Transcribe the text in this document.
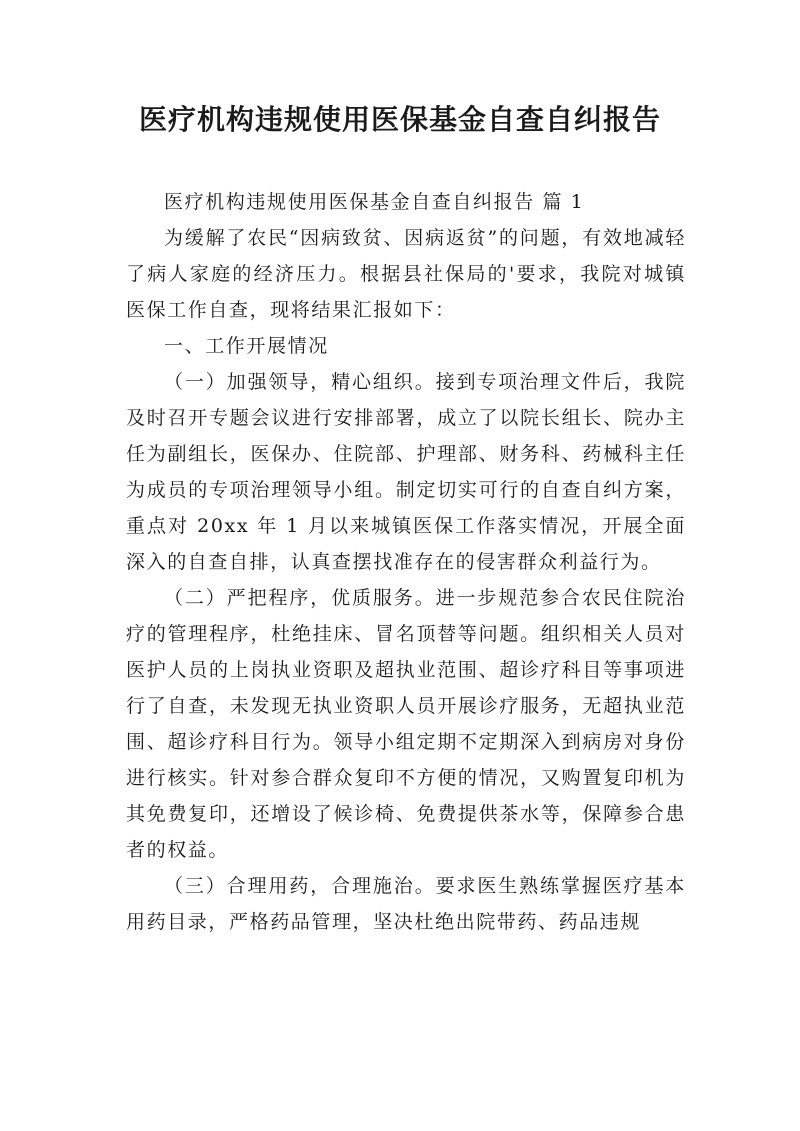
医疗机构违规使用医保基金自查自纠报告

医疗机构违规使用医保基金自查自纠报告 篇 1

为缓解了农民“因病致贫、因病返贫”的问题，有效地减轻了病人家庭的经济压力。根据县社保局的'要求，我院对城镇医保工作自查，现将结果汇报如下：

一、工作开展情况

（一）加强领导，精心组织。接到专项治理文件后，我院及时召开专题会议进行安排部署，成立了以院长组长、院办主任为副组长，医保办、住院部、护理部、财务科、药械科主任为成员的专项治理领导小组。制定切实可行的自查自纠方案，重点对 20xx 年 1 月以来城镇医保工作落实情况，开展全面深入的自查自排，认真查摆找准存在的侵害群众利益行为。

（二）严把程序，优质服务。进一步规范参合农民住院治疗的管理程序，杜绝挂床、冒名顶替等问题。组织相关人员对医护人员的上岗执业资职及超执业范围、超诊疗科目等事项进行了自查，未发现无执业资职人员开展诊疗服务，无超执业范围、超诊疗科目行为。领导小组定期不定期深入到病房对身份进行核实。针对参合群众复印不方便的情况，又购置复印机为其免费复印，还增设了候诊椅、免费提供茶水等，保障参合患者的权益。

（三）合理用药，合理施治。要求医生熟练掌握医疗基本用药目录，严格药品管理，坚决杜绝出院带药、药品违规
